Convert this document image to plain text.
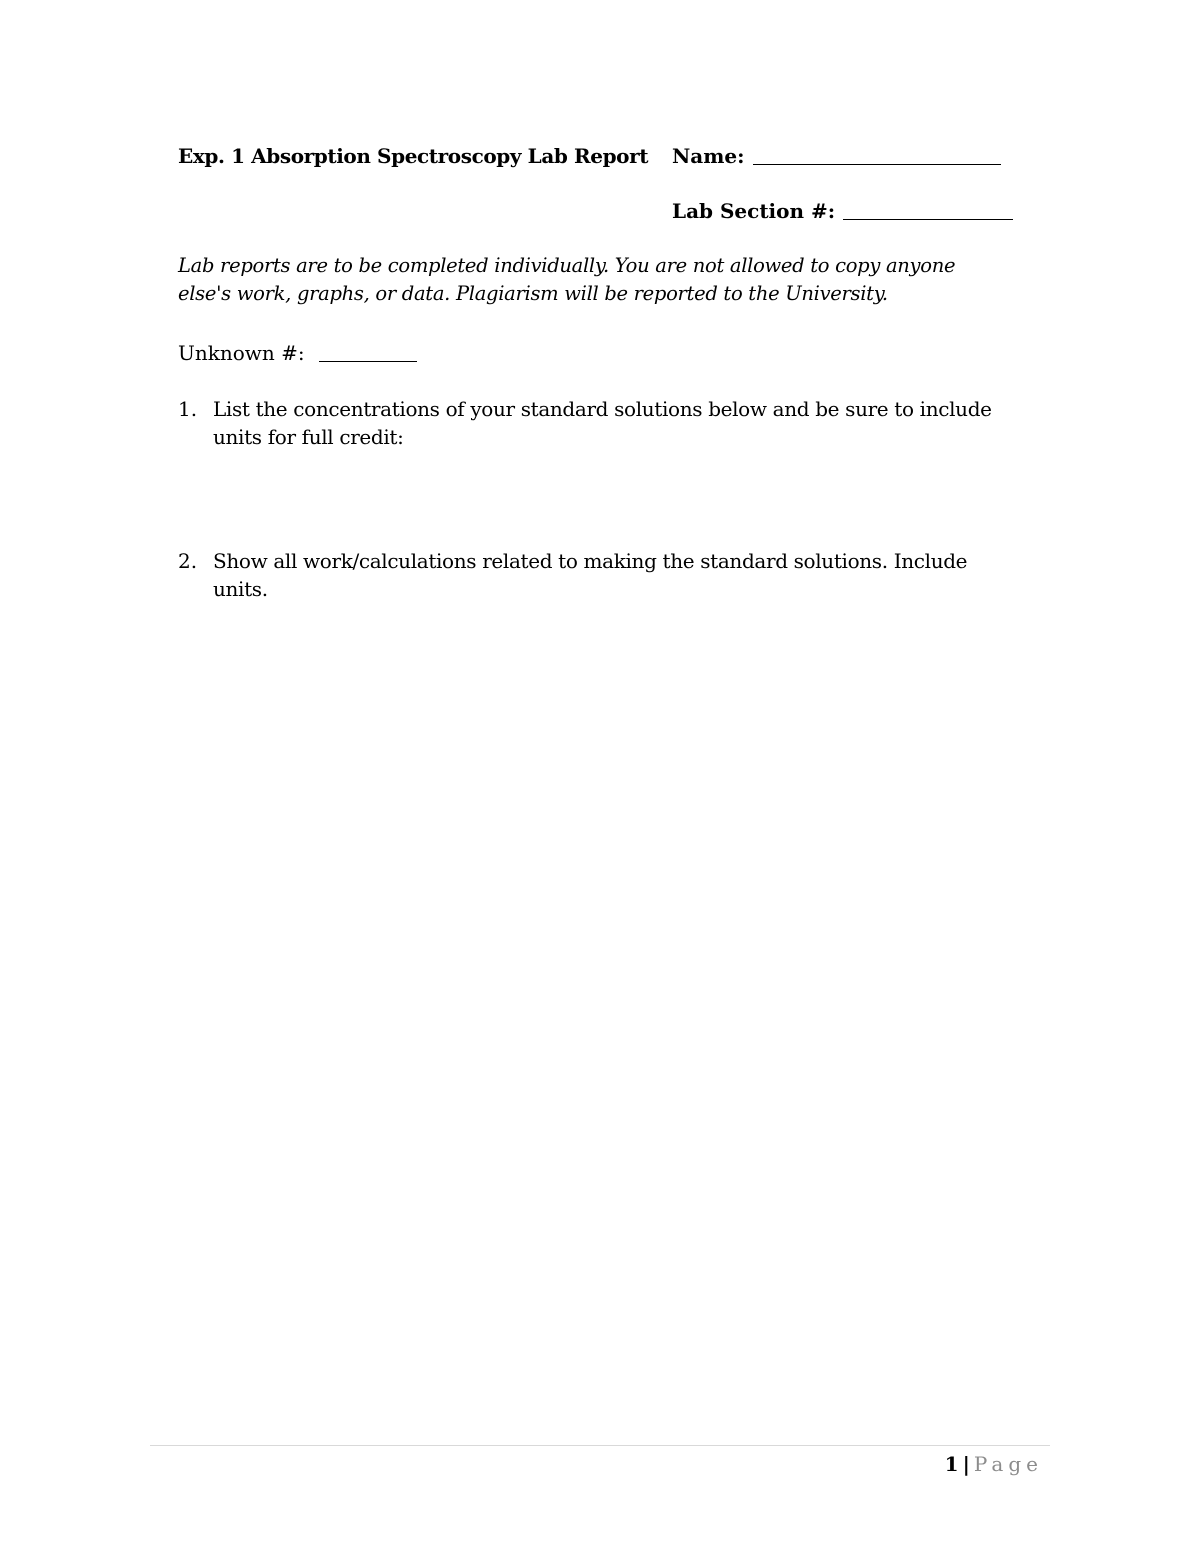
Exp. 1 Absorption Spectroscopy Lab Report Name:
Lab Section #:
Lab reports are to be completed individually. You are not allowed to copy anyone
else's work, graphs, or data. Plagiarism will be reported to the University.
Unknown #:
1. List the concentrations of your standard solutions below and be sure to include units for full credit:
2. Show all work/calculations related to making the standard solutions. Include units.
1 | Page
